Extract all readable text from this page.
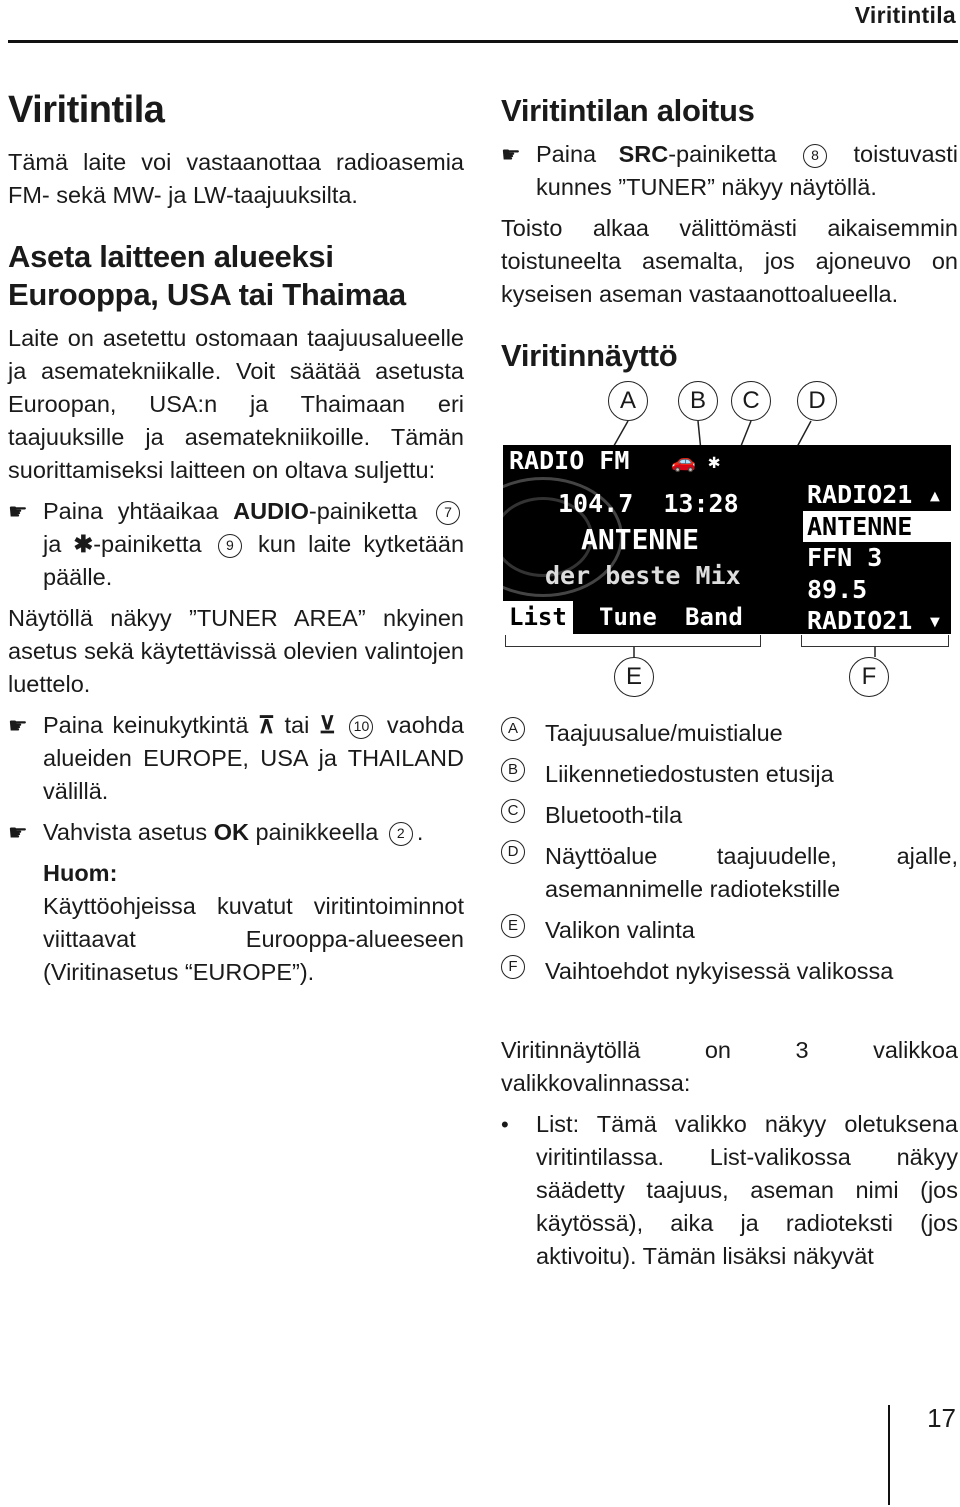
Viritintila
Viritintila

Tämä laite voi vastaanottaa radioasemia FM- sekä MW- ja LW-taajuuksilta.

Aseta laitteen alueeksi Eurooppa, USA tai Thaimaa

Laite on asetettu ostomaan taajuusalueelle ja asematekniikalle. Voit säätää asetusta Euroopan, USA:n ja Thaimaan eri taajuuksille ja asematekniikoille. Tämän suorittamiseksi laitteen on oltava suljettu:

☛ Paina yhtäaikaa AUDIO-painiketta 7 ja ✱-painiketta 9 kun laite kytketään päälle.

Näytöllä näkyy ”TUNER AREA” nkyinen asetus sekä käytettävissä olevien valintojen luettelo.

☛ Paina keinukytkintä ⊼ tai ⊻ 10 vaohda alueiden EUROPE, USA ja THAILAND välillä.
☛ Vahvista asetus OK painikkeella 2 .
Huom:
Käyttöohjeissa kuvatut viritintoiminnot viittaavat Eurooppa-alueeseen (Viritinasetus “EUROPE”).
Viritintilan aloitus
☛ Paina SRC-painiketta 8 toistuvasti kunnes ”TUNER” näkyy näytöllä.

Toisto alkaa välittömästi aikaisemmin toistuneelta asemalta, jos ajoneuvo on kyseisen aseman vastaanottoalueella.

Viritinnäyttö
A	B	C	D
RADIO FM 🚗 ✱
104.7  13:28
ANTENNE
der beste Mix
RADIO21 ▴
ANTENNE
FFN 3
89.5
RADIO21 ▾
List Tune Band
E	F
A	Taajuusalue/muistialue
B	Liikennetiedostusten etusija
C	Bluetooth-tila
D	Näyttöalue taajuudelle, ajalle, asemannimelle radiotekstille
E	Valikon valinta
F	Vaihtoehdot nykyisessä valikossa

Viritinnäytöllä on 3 valikkoa valikkovalinnassa:

•	List: Tämä valikko näkyy oletuksena viritintilassa. List-valikossa näkyy säädetty taajuus, aseman nimi (jos käytössä), aika ja radioteksti (jos aktivoitu). Tämän lisäksi näkyvät
17
